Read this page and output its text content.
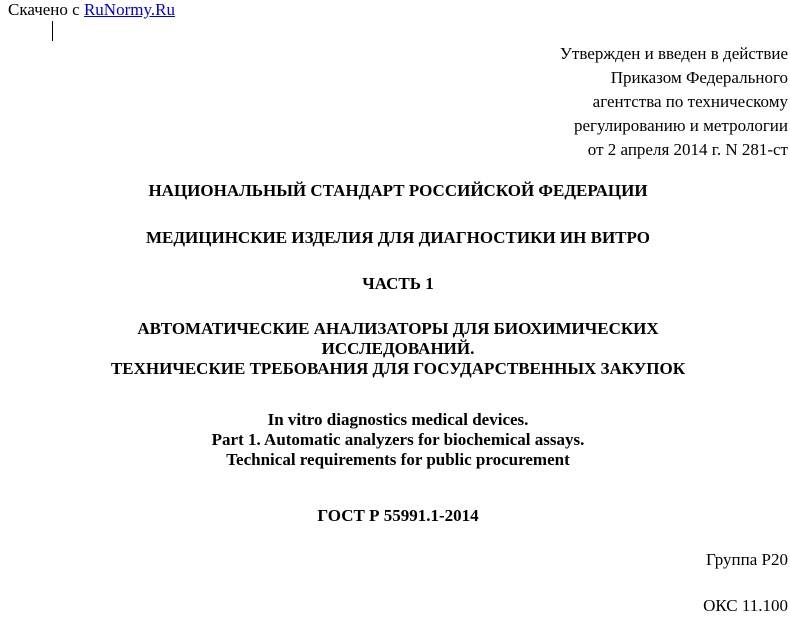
Скачено с RuNormy.Ru
Утвержден и введен в действие
Приказом Федерального
агентства по техническому
регулированию и метрологии
от 2 апреля 2014 г. N 281-ст
НАЦИОНАЛЬНЫЙ СТАНДАРТ РОССИЙСКОЙ ФЕДЕРАЦИИ
МЕДИЦИНСКИЕ ИЗДЕЛИЯ ДЛЯ ДИАГНОСТИКИ ИН ВИТРО
ЧАСТЬ 1
АВТОМАТИЧЕСКИЕ АНАЛИЗАТОРЫ ДЛЯ БИОХИМИЧЕСКИХ
ИССЛЕДОВАНИЙ.
ТЕХНИЧЕСКИЕ ТРЕБОВАНИЯ ДЛЯ ГОСУДАРСТВЕННЫХ ЗАКУПОК
In vitro diagnostics medical devices.
Part 1. Automatic analyzers for biochemical assays.
Technical requirements for public procurement
ГОСТ Р 55991.1-2014
Группа Р20
ОКС 11.100
